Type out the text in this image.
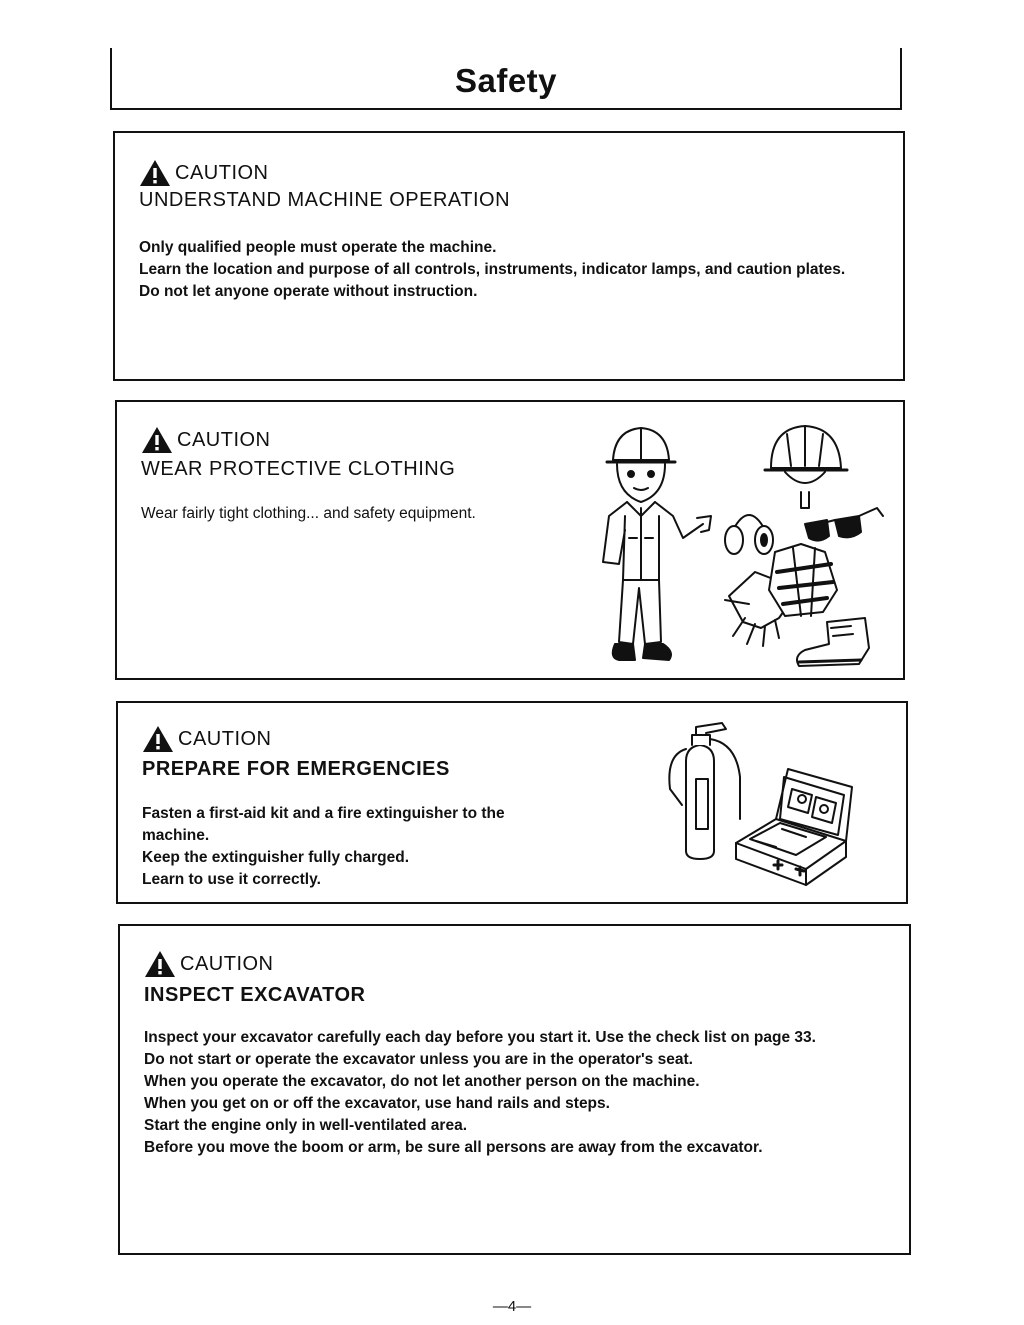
Safety
CAUTION
UNDERSTAND MACHINE OPERATION

Only qualified people must operate the machine.

Learn the location and purpose of all controls, instruments, indicator lamps, and caution plates.

Do not let anyone operate without instruction.

CAUTION
WEAR PROTECTIVE CLOTHING

Wear fairly tight clothing... and safety equipment.

CAUTION
PREPARE FOR EMERGENCIES

Fasten a first-aid kit and a fire extinguisher to the machine.

Keep the extinguisher fully charged.

Learn to use it correctly.

CAUTION
INSPECT EXCAVATOR

Inspect your excavator carefully each day before you start it. Use the check list on page 33.

Do not start or operate the excavator unless you are in the operator's seat.

When you operate the excavator, do not let another person on the machine.

When you get on or off the excavator, use hand rails and steps.

Start the engine only in well-ventilated area.

Before you move the boom or arm, be sure all persons are away from the excavator.

—4—
